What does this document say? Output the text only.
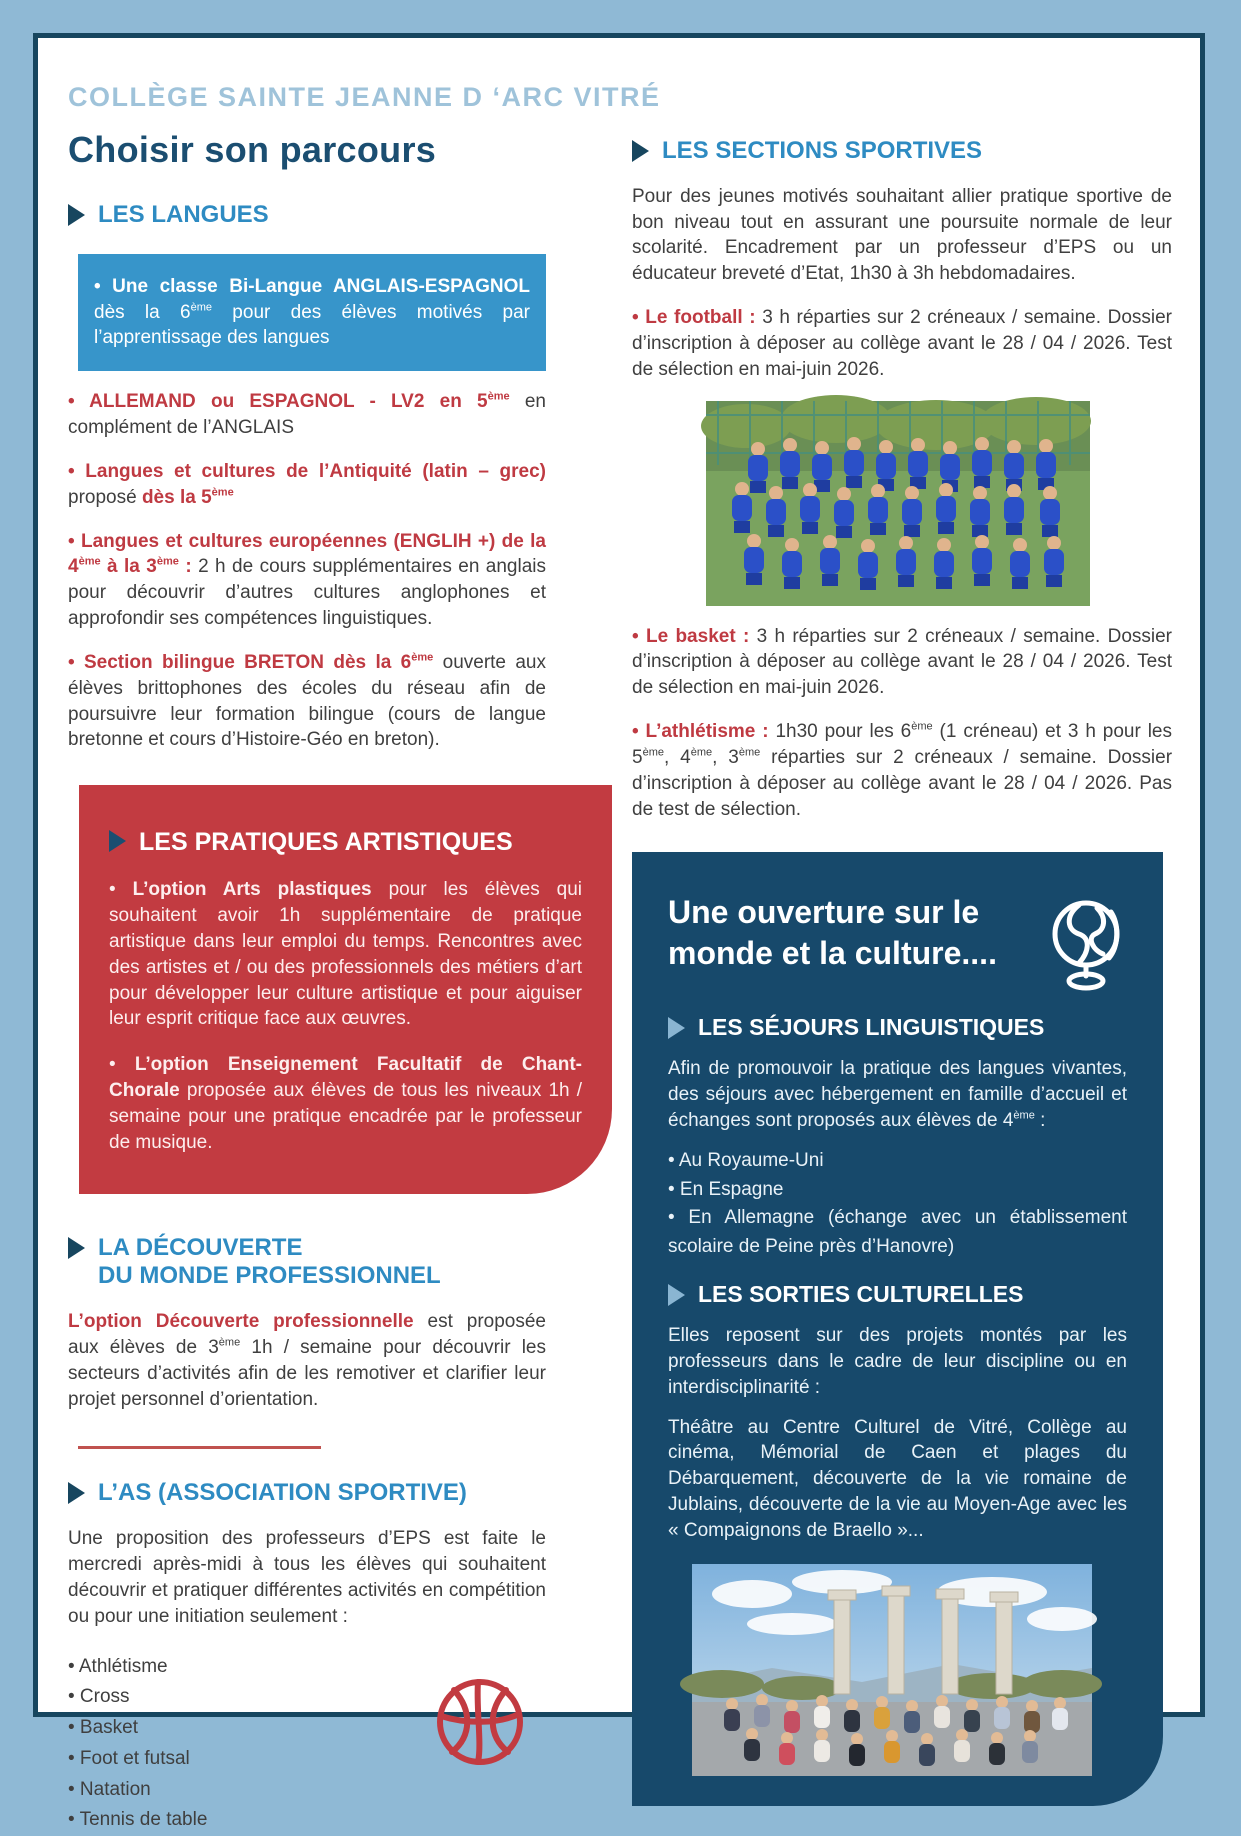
COLLÈGE SAINTE JEANNE D ‘ARC VITRÉ
Choisir son parcours
LES LANGUES
• Une classe Bi-Langue ANGLAIS-ESPAGNOL dès la 6ème pour des élèves motivés par l’apprentissage des langues

• ALLEMAND ou ESPAGNOL - LV2 en 5ème en complément de l’ANGLAIS

• Langues et cultures de l’Antiquité (latin – grec) proposé dès la 5ème

• Langues et cultures européennes (ENGLIH +) de la 4ème à la 3ème : 2 h de cours supplémentaires en anglais pour découvrir d’autres cultures anglophones et approfondir ses compétences linguistiques.

• Section bilingue BRETON dès la 6ème ouverte aux élèves brittophones des écoles du réseau afin de poursuivre leur formation bilingue (cours de langue bretonne et cours d’Histoire-Géo en breton).

LES PRATIQUES ARTISTIQUES

• L’option Arts plastiques pour les élèves qui souhaitent avoir 1h supplémentaire de pratique artistique dans leur emploi du temps. Rencontres avec des artistes et / ou des professionnels des métiers d’art pour développer leur culture artistique et pour aiguiser leur esprit critique face aux œuvres.

• L’option Enseignement Facultatif de Chant-Chorale proposée aux élèves de tous les niveaux 1h / semaine pour une pratique encadrée par le professeur de musique.

LA DÉCOUVERTE
DU MONDE PROFESSIONNEL

L’option Découverte professionnelle est proposée aux élèves de 3ème 1h / semaine pour découvrir les secteurs d’activités afin de les remotiver et clarifier leur projet personnel d’orientation.

L’AS (ASSOCIATION SPORTIVE)

Une proposition des professeurs d’EPS est faite le mercredi après-midi à tous les élèves qui souhaitent découvrir et pratiquer différentes activités en compétition ou pour une initiation seulement :

• Athlétisme
• Cross
• Basket
• Foot et futsal
• Natation
• Tennis de table
LES SECTIONS SPORTIVES

Pour des jeunes motivés souhaitant allier pratique sportive de bon niveau tout en assurant une poursuite normale de leur scolarité. Encadrement par un professeur d’EPS ou un éducateur breveté d’Etat, 1h30 à 3h hebdomadaires.

• Le football : 3 h réparties sur 2 créneaux / semaine. Dossier d’inscription à déposer au collège avant le 28 / 04 / 2026. Test de sélection en mai-juin 2026.

• Le basket : 3 h réparties sur 2 créneaux / semaine. Dossier d’inscription à déposer au collège avant le 28 / 04 / 2026. Test de sélection en mai-juin 2026.

• L’athlétisme : 1h30 pour les 6ème (1 créneau) et 3 h pour les 5ème, 4ème, 3ème réparties sur 2 créneaux / semaine. Dossier d’inscription à déposer au collège avant le 28 / 04 / 2026. Pas de test de sélection.

Une ouverture sur le monde et la culture....
LES SÉJOURS LINGUISTIQUES

Afin de promouvoir la pratique des langues vivantes, des séjours avec hébergement en famille d’accueil et échanges sont proposés aux élèves de 4ème :

• Au Royaume-Uni
• En Espagne
• En Allemagne (échange avec un établissement scolaire de Peine près d’Hanovre)
LES SORTIES CULTURELLES

Elles reposent sur des projets montés par les professeurs dans le cadre de leur discipline ou en interdisciplinarité :

Théâtre au Centre Culturel de Vitré, Collège au cinéma, Mémorial de Caen et plages du Débarquement, découverte de la vie romaine de Jublains, découverte de la vie au Moyen-Age avec les « Compaignons de Braello »...
